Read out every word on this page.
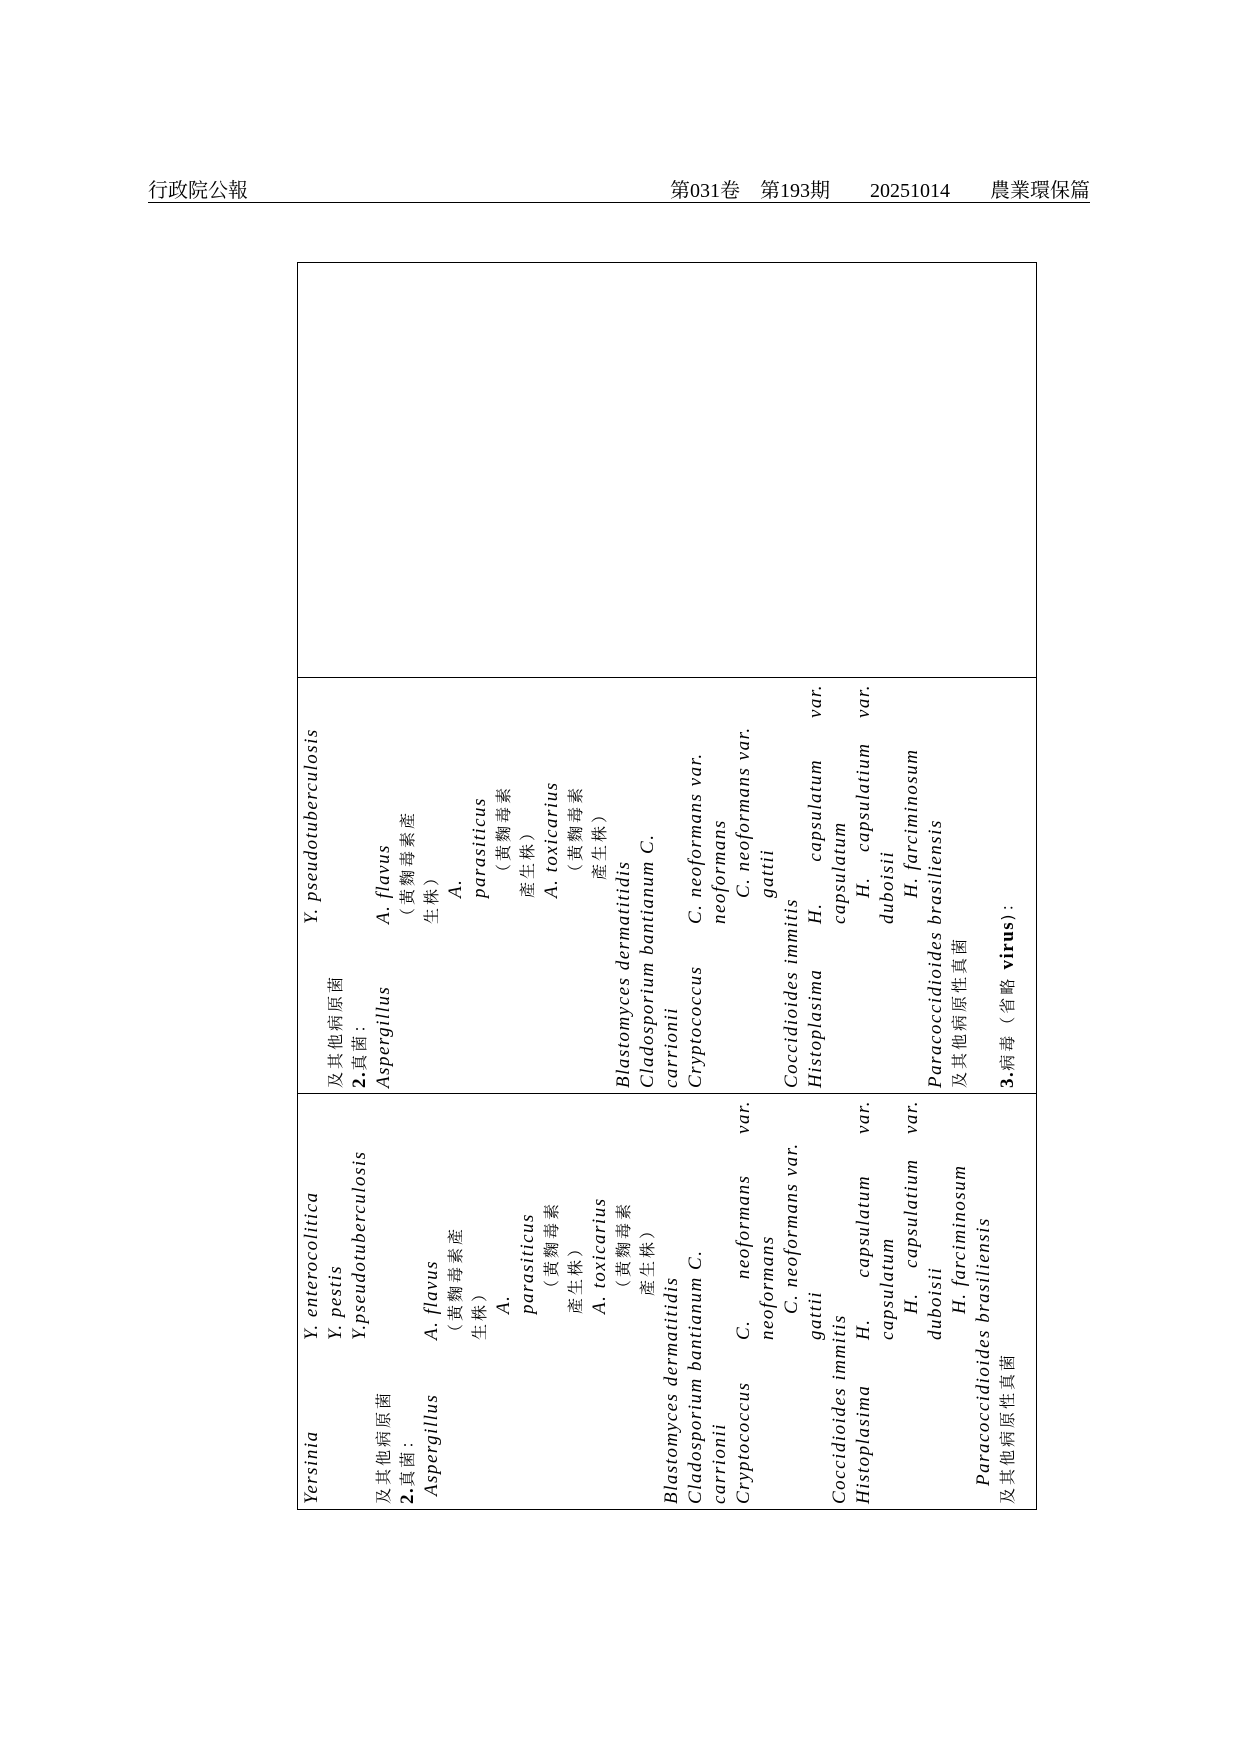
行政院公報	第031卷　第193期　　20251014　　農業環保篇
Yersinia
Y. enterocolitica Y. pestis Y.pseudotuberculosis
及其他病原菌 2.真菌： Aspergillus
A. flavus （黃麴毒素產 生株） A. parasiticus （黃麴毒素 產生株） A. toxicarius （黃麴毒素 產生株）
Blastomyces dermatitidis Cladosporium bantianum C. carrionii Cryptococcus
C.
neoformans
var.
neoformans C. neoformans var.
gattii Coccidioides immitis Histoplasima
H.
capsulatum
var.
capsulatum H.
capsulatium
var.
duboisii H. farciminosum Paracoccidioides brasiliensis 及其他病原性真菌
Y. pseudotuberculosis
及其他病原菌 2.真菌： Aspergillus
A. flavus （黃麴毒素產 生株） A. parasiticus （黃麴毒素 產生株） A. toxicarius （黃麴毒素 產生株）
Blastomyces dermatitidis Cladosporium bantianum C. carrionii Cryptococcus
C. neoformans var. neoformans C. neoformans var. gattii
Coccidioides immitis Histoplasima
H.
capsulatum
var.
capsulatum H.
capsulatium
var.
duboisii H. farciminosum Paracoccidioides brasiliensis 及其他病原性真菌 3.病毒（省略 virus)：
